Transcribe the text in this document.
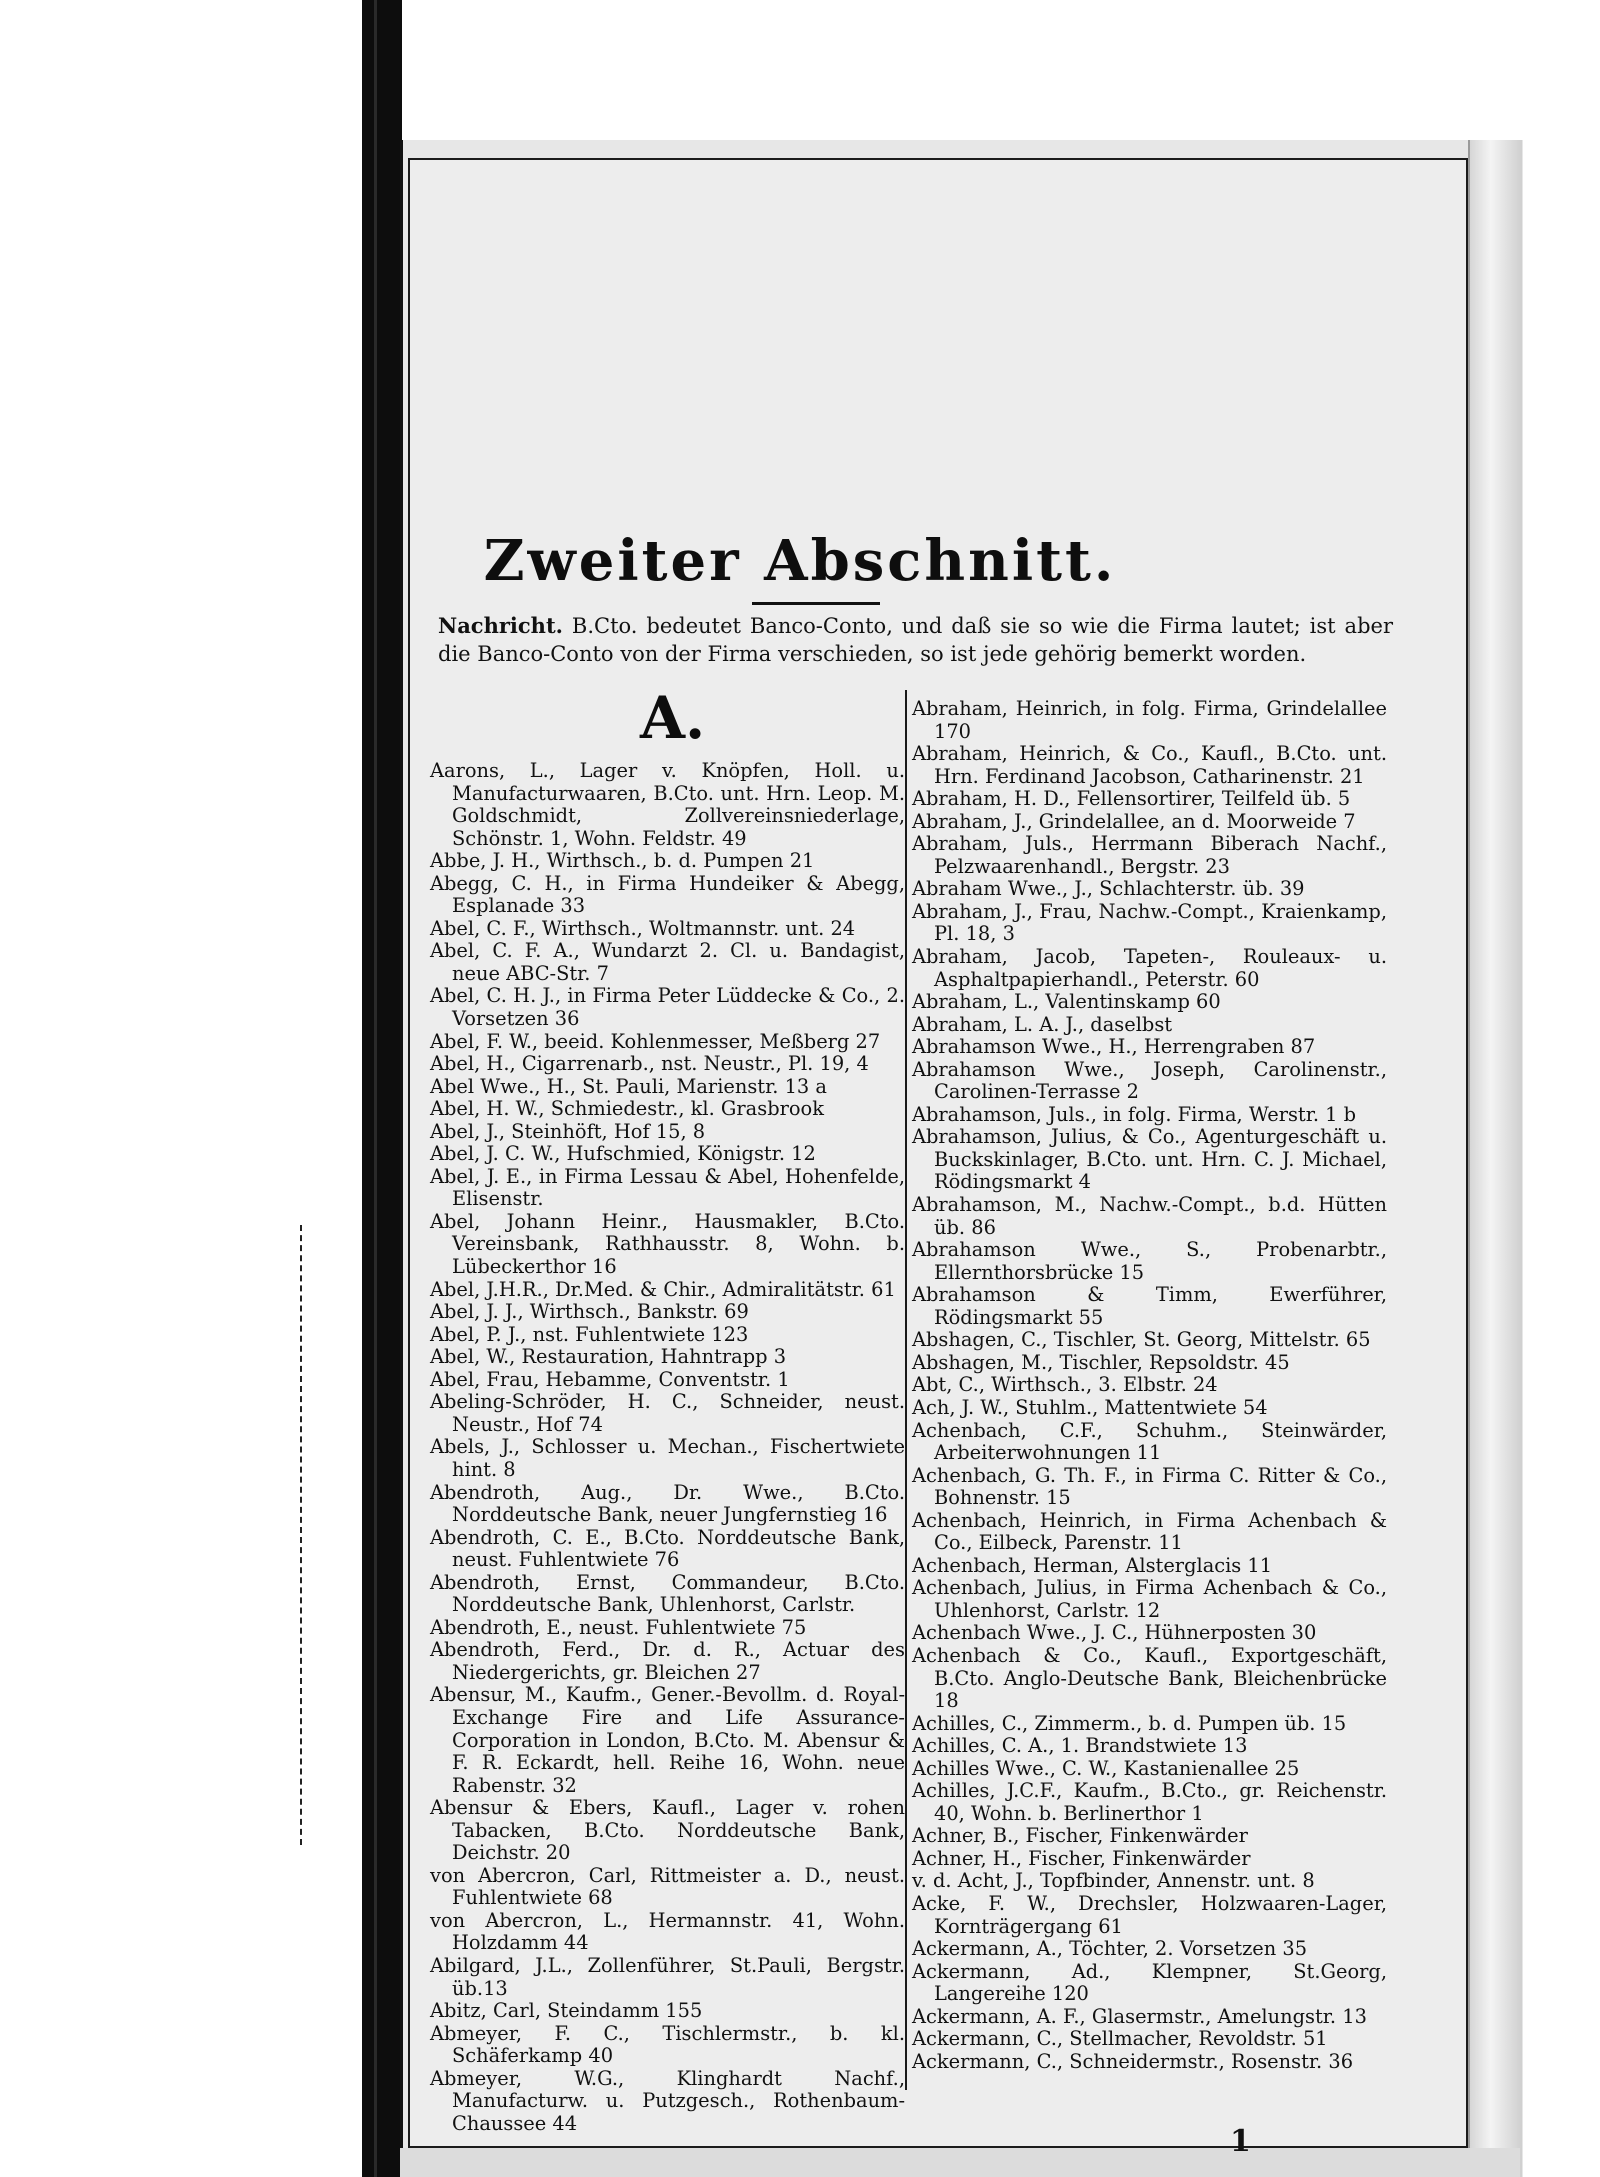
Zweiter Abschnitt.
Nachricht. B.Cto. bedeutet Banco-Conto, und daß sie so wie die Firma lautet; ist aber die Banco-Conto von der Firma verschieden, so ist jede gehörig bemerkt worden.
A.

Aarons, L., Lager v. Knöpfen, Holl. u. Manufacturwaaren, B.Cto. unt. Hrn. Leop. M. Goldschmidt, Zollvereinsniederlage, Schönstr. 1, Wohn. Feldstr. 49

Abbe, J. H., Wirthsch., b. d. Pumpen 21

Abegg, C. H., in Firma Hundeiker & Abegg, Esplanade 33

Abel, C. F., Wirthsch., Woltmannstr. unt. 24

Abel, C. F. A., Wundarzt 2. Cl. u. Bandagist, neue ABC-Str. 7

Abel, C. H. J., in Firma Peter Lüddecke & Co., 2. Vorsetzen 36

Abel, F. W., beeid. Kohlenmesser, Meßberg 27

Abel, H., Cigarrenarb., nst. Neustr., Pl. 19, 4

Abel Wwe., H., St. Pauli, Marienstr. 13 a

Abel, H. W., Schmiedestr., kl. Grasbrook

Abel, J., Steinhöft, Hof 15, 8

Abel, J. C. W., Hufschmied, Königstr. 12

Abel, J. E., in Firma Lessau & Abel, Hohenfelde, Elisenstr.

Abel, Johann Heinr., Hausmakler, B.Cto. Vereinsbank, Rathhausstr. 8, Wohn. b. Lübeckerthor 16

Abel, J.H.R., Dr.Med. & Chir., Admiralitätstr. 61

Abel, J. J., Wirthsch., Bankstr. 69

Abel, P. J., nst. Fuhlentwiete 123

Abel, W., Restauration, Hahntrapp 3

Abel, Frau, Hebamme, Conventstr. 1

Abeling-Schröder, H. C., Schneider, neust. Neustr., Hof 74

Abels, J., Schlosser u. Mechan., Fischertwiete hint. 8

Abendroth, Aug., Dr. Wwe., B.Cto. Norddeutsche Bank, neuer Jungfernstieg 16

Abendroth, C. E., B.Cto. Norddeutsche Bank, neust. Fuhlentwiete 76

Abendroth, Ernst, Commandeur, B.Cto. Norddeutsche Bank, Uhlenhorst, Carlstr.

Abendroth, E., neust. Fuhlentwiete 75

Abendroth, Ferd., Dr. d. R., Actuar des Niedergerichts, gr. Bleichen 27

Abensur, M., Kaufm., Gener.-Bevollm. d. Royal-Exchange Fire and Life Assurance-Corporation in London, B.Cto. M. Abensur & F. R. Eckardt, hell. Reihe 16, Wohn. neue Rabenstr. 32

Abensur & Ebers, Kaufl., Lager v. rohen Tabacken, B.Cto. Norddeutsche Bank, Deichstr. 20

von Abercron, Carl, Rittmeister a. D., neust. Fuhlentwiete 68

von Abercron, L., Hermannstr. 41, Wohn. Holzdamm 44

Abilgard, J.L., Zollenführer, St.Pauli, Bergstr. üb.13

Abitz, Carl, Steindamm 155

Abmeyer, F. C., Tischlermstr., b. kl. Schäferkamp 40

Abmeyer, W.G., Klinghardt Nachf., Manufacturw. u. Putzgesch., Rothenbaum-Chaussee 44

Abraham, Heinrich, in folg. Firma, Grindelallee 170

Abraham, Heinrich, & Co., Kaufl., B.Cto. unt. Hrn. Ferdinand Jacobson, Catharinenstr. 21

Abraham, H. D., Fellensortirer, Teilfeld üb. 5

Abraham, J., Grindelallee, an d. Moorweide 7

Abraham, Juls., Herrmann Biberach Nachf., Pelzwaarenhandl., Bergstr. 23

Abraham Wwe., J., Schlachterstr. üb. 39

Abraham, J., Frau, Nachw.-Compt., Kraienkamp, Pl. 18, 3

Abraham, Jacob, Tapeten-, Rouleaux- u. Asphaltpapierhandl., Peterstr. 60

Abraham, L., Valentinskamp 60

Abraham, L. A. J., daselbst

Abrahamson Wwe., H., Herrengraben 87

Abrahamson Wwe., Joseph, Carolinenstr., Carolinen-Terrasse 2

Abrahamson, Juls., in folg. Firma, Werstr. 1 b

Abrahamson, Julius, & Co., Agenturgeschäft u. Buckskinlager, B.Cto. unt. Hrn. C. J. Michael, Rödingsmarkt 4

Abrahamson, M., Nachw.-Compt., b.d. Hütten üb. 86

Abrahamson Wwe., S., Probenarbtr., Ellernthorsbrücke 15

Abrahamson & Timm, Ewerführer, Rödingsmarkt 55

Abshagen, C., Tischler, St. Georg, Mittelstr. 65

Abshagen, M., Tischler, Repsoldstr. 45

Abt, C., Wirthsch., 3. Elbstr. 24

Ach, J. W., Stuhlm., Mattentwiete 54

Achenbach, C.F., Schuhm., Steinwärder, Arbeiterwohnungen 11

Achenbach, G. Th. F., in Firma C. Ritter & Co., Bohnenstr. 15

Achenbach, Heinrich, in Firma Achenbach & Co., Eilbeck, Parenstr. 11

Achenbach, Herman, Alsterglacis 11

Achenbach, Julius, in Firma Achenbach & Co., Uhlenhorst, Carlstr. 12

Achenbach Wwe., J. C., Hühnerposten 30

Achenbach & Co., Kaufl., Exportgeschäft, B.Cto. Anglo-Deutsche Bank, Bleichenbrücke 18

Achilles, C., Zimmerm., b. d. Pumpen üb. 15

Achilles, C. A., 1. Brandstwiete 13

Achilles Wwe., C. W., Kastanienallee 25

Achilles, J.C.F., Kaufm., B.Cto., gr. Reichenstr. 40, Wohn. b. Berlinerthor 1

Achner, B., Fischer, Finkenwärder

Achner, H., Fischer, Finkenwärder

v. d. Acht, J., Topfbinder, Annenstr. unt. 8

Acke, F. W., Drechsler, Holzwaaren-Lager, Kornträgergang 61

Ackermann, A., Töchter, 2. Vorsetzen 35

Ackermann, Ad., Klempner, St.Georg, Langereihe 120

Ackermann, A. F., Glasermstr., Amelungstr. 13

Ackermann, C., Stellmacher, Revoldstr. 51

Ackermann, C., Schneidermstr., Rosenstr. 36

1
